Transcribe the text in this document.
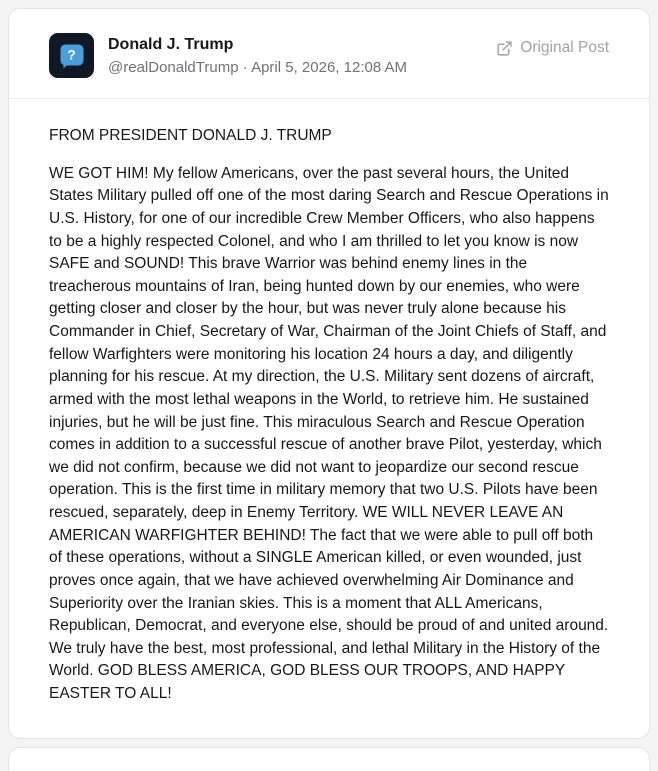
?
Donald J. Trump
@realDonaldTrump · April 5, 2026, 12:08 AM
Original Post

FROM PRESIDENT DONALD J. TRUMP

WE GOT HIM! My fellow Americans, over the past several hours, the United States Military pulled off one of the most daring Search and Rescue Operations in U.S. History, for one of our incredible Crew Member Officers, who also happens to be a highly respected Colonel, and who I am thrilled to let you know is now SAFE and SOUND! This brave Warrior was behind enemy lines in the treacherous mountains of Iran, being hunted down by our enemies, who were getting closer and closer by the hour, but was never truly alone because his Commander in Chief, Secretary of War, Chairman of the Joint Chiefs of Staff, and fellow Warfighters were monitoring his location 24 hours a day, and diligently planning for his rescue. At my direction, the U.S. Military sent dozens of aircraft, armed with the most lethal weapons in the World, to retrieve him. He sustained injuries, but he will be just fine. This miraculous Search and Rescue Operation comes in addition to a successful rescue of another brave Pilot, yesterday, which we did not confirm, because we did not want to jeopardize our second rescue operation. This is the first time in military memory that two U.S. Pilots have been rescued, separately, deep in Enemy Territory. WE WILL NEVER LEAVE AN AMERICAN WARFIGHTER BEHIND! The fact that we were able to pull off both of these operations, without a SINGLE American killed, or even wounded, just proves once again, that we have achieved overwhelming Air Dominance and Superiority over the Iranian skies. This is a moment that ALL Americans, Republican, Democrat, and everyone else, should be proud of and united around. We truly have the best, most professional, and lethal Military in the History of the World. GOD BLESS AMERICA, GOD BLESS OUR TROOPS, AND HAPPY EASTER TO ALL!
